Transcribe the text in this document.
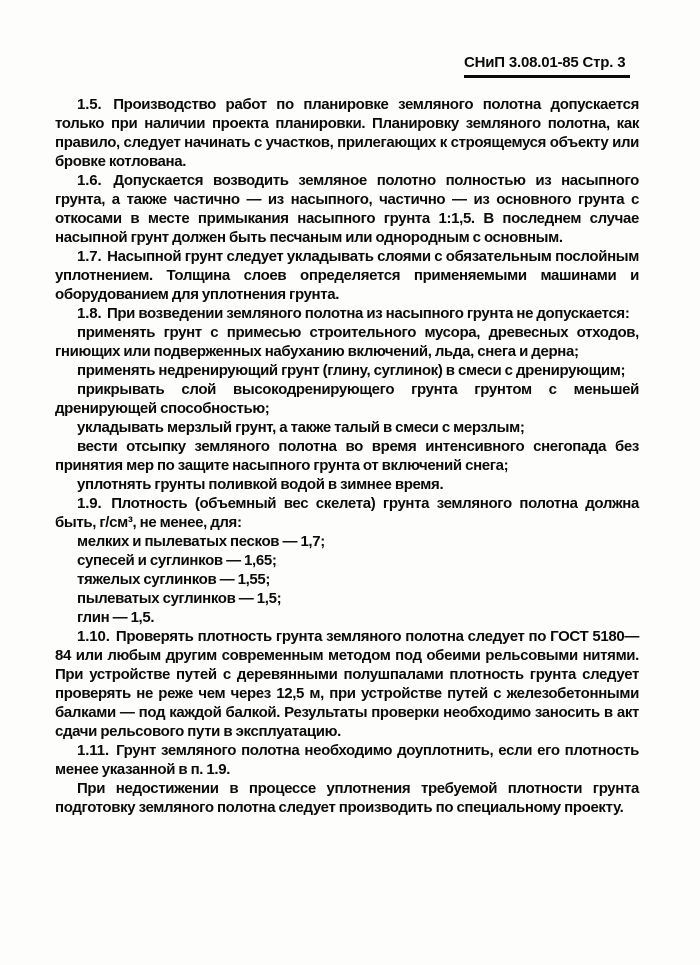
СНиП 3.08.01-85 Стр. 3

1.5. Производство работ по планировке земляного полотна допускается только при наличии проекта планировки. Планировку земляного полотна, как правило, следует начинать с участков, прилегающих к строящемуся объекту или бровке котлована.

1.6. Допускается возводить земляное полотно полностью из насыпного грунта, а также частично — из насыпного, частично — из основного грунта с откосами в месте примыкания насыпного грунта 1:1,5. В последнем случае насыпной грунт должен быть песчаным или однородным с основным.

1.7. Насыпной грунт следует укладывать слоями с обязательным послойным уплотнением. Толщина слоев определяется применяемыми машинами и оборудованием для уплотнения грунта.

1.8. При возведении земляного полотна из насыпного грунта не допускается:

применять грунт с примесью строительного мусора, древесных отходов, гниющих или подверженных набуханию включений, льда, снега и дерна;

применять недренирующий грунт (глину, суглинок) в смеси с дренирующим;

прикрывать слой высокодренирующего грунта грунтом с меньшей дренирующей способностью;

укладывать мерзлый грунт, а также талый в смеси с мерзлым;

вести отсыпку земляного полотна во время интенсивного снегопада без принятия мер по защите насыпного грунта от включений снега;

уплотнять грунты поливкой водой в зимнее время.

1.9. Плотность (объемный вес скелета) грунта земляного полотна должна быть, г/см³, не менее, для:

мелких и пылеватых песков — 1,7;

супесей и суглинков — 1,65;

тяжелых суглинков — 1,55;

пылеватых суглинков — 1,5;

глин — 1,5.

1.10. Проверять плотность грунта земляного полотна следует по ГОСТ 5180—84 или любым другим современным методом под обеими рельсовыми нитями. При устройстве путей с деревянными полушпалами плотность грунта следует проверять не реже чем через 12,5 м, при устройстве путей с железобетонными балками — под каждой балкой. Результаты проверки необходимо заносить в акт сдачи рельсового пути в эксплуатацию.

1.11. Грунт земляного полотна необходимо доуплотнить, если его плотность менее указанной в п. 1.9.

При недостижении в процессе уплотнения требуемой плотности грунта подготовку земляного полотна следует производить по специальному проекту.
